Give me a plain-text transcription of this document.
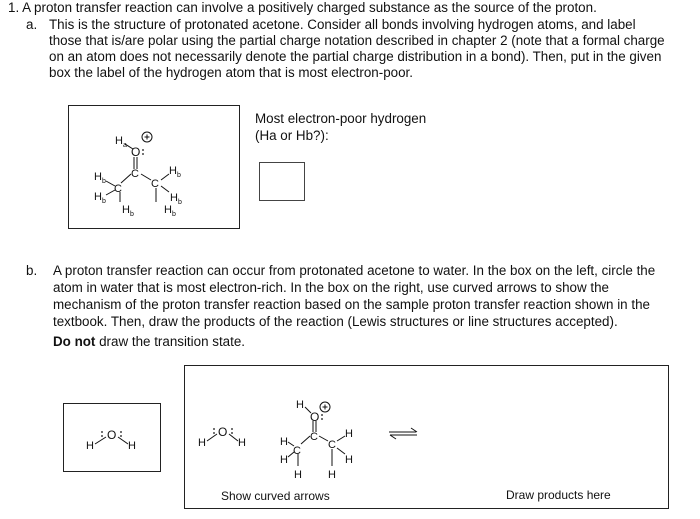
1. A proton transfer reaction can involve a positively charged substance as the source of the proton.
a. This is the structure of protonated acetone. Consider all bonds involving hydrogen atoms, and label
those that is/are polar using the partial charge notation described in chapter 2 (note that a formal charge
on an atom does not necessarily denote the partial charge distribution in a bond). Then, put in the given
box the label of the hydrogen atom that is most electron-poor.
H a O
C
C	C
H b
H b
H b
H b
H b
H b
Most electron-poor hydrogen
(Ha or Hb?):
b. A proton transfer reaction can occur from protonated acetone to water. In the box on the left, circle the
atom in water that is most electron-rich. In the box on the right, use curved arrows to show the
mechanism of the proton transfer reaction based on the sample proton transfer reaction shown in the
textbook. Then, draw the products of the reaction (Lewis structures or line structures accepted).
Do not draw the transition state.
H	H
O
H	H
O
H
O
C
C C
H
H
H
H
H
H
Show curved arrows	Draw products here
